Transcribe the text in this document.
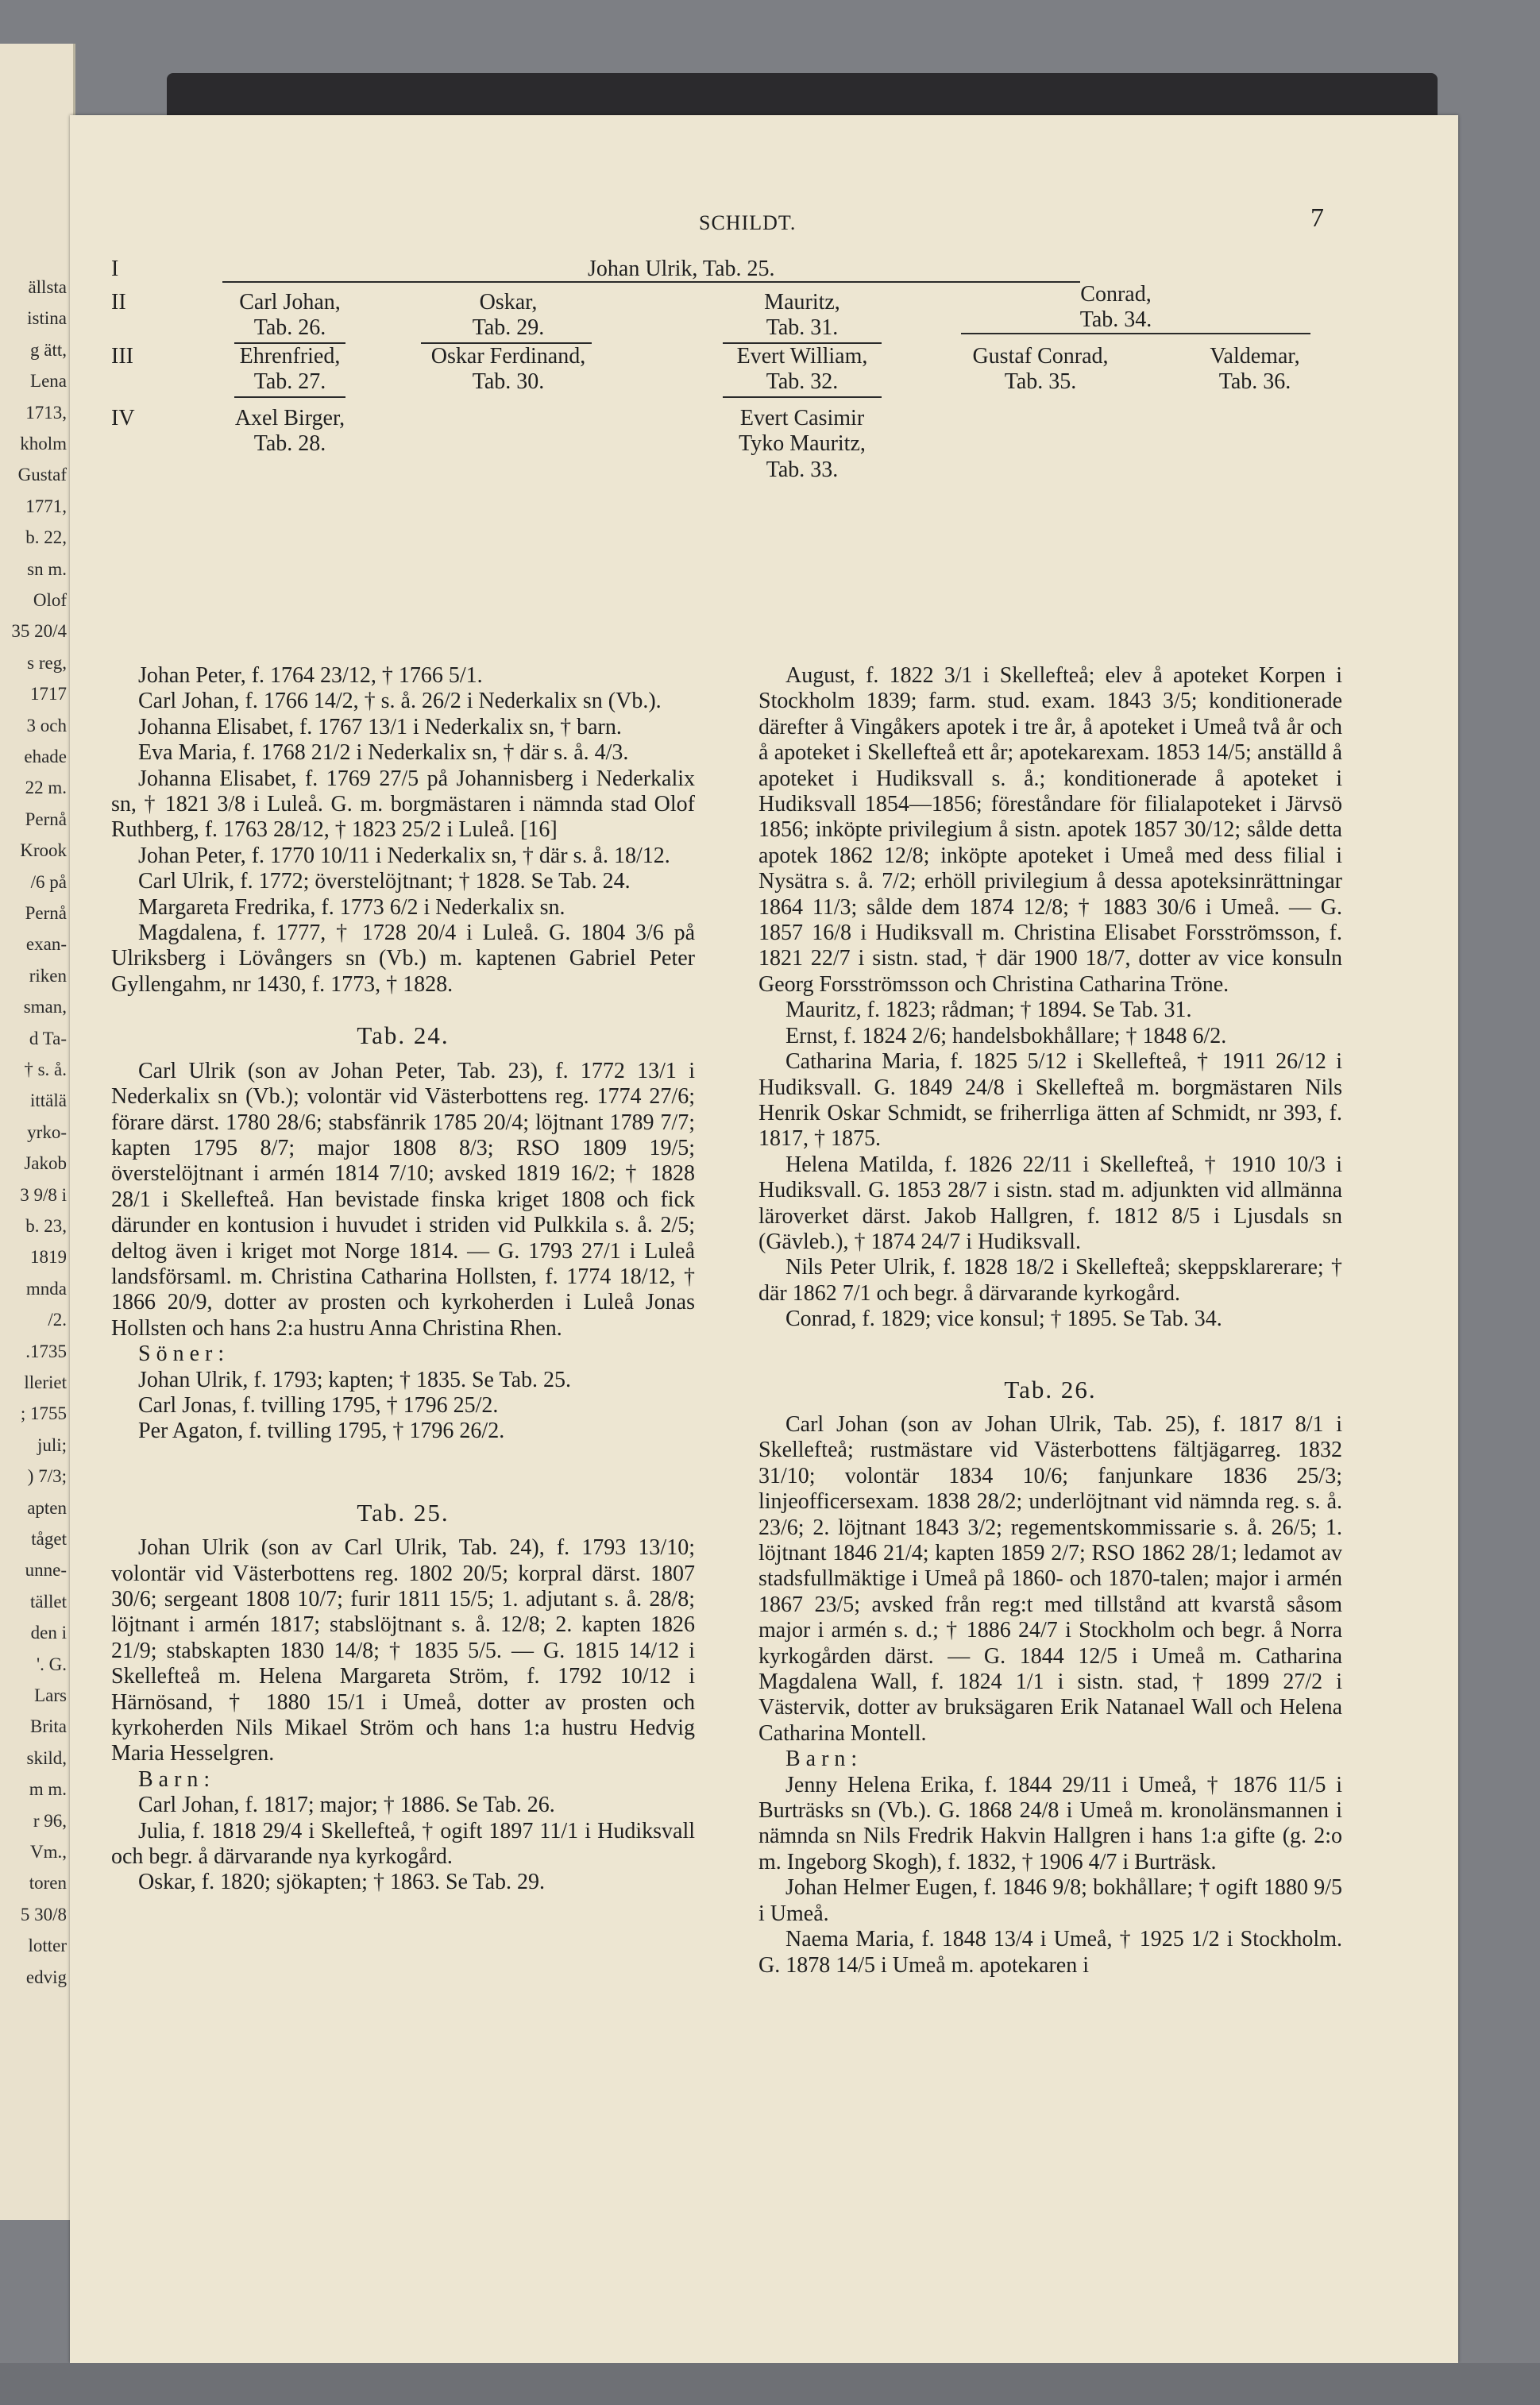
ällsta
istina
g ätt,
Lena
1713,
kholm
Gustaf
1771,
b. 22,
sn m.
Olof
35 20/4
s reg,
1717
3 och
ehade
22 m.
Pernå
Krook
/6 på
Pernå
exan-
riken
sman,
d Ta-
† s. å.
ittälä
yrko-
Jakob
3 9/8 i
b. 23,
1819
mnda
/2.
.1735
lleriet
; 1755
juli;
) 7/3;
apten
tåget
unne-
tället
den i
'. G.
Lars
Brita
skild,
m m.
r 96,
Vm.,
toren
5 30/8
lotter
edvig
SCHILDT.	7
I
II
III
IV
Johan Ulrik, Tab. 25.
Carl Johan,
Tab. 26.
Oskar,
Tab. 29.
Mauritz,
Tab. 31.
Conrad,
Tab. 34.
Ehrenfried,
Tab. 27.
Oskar Ferdinand,
Tab. 30.
Evert William,
Tab. 32.
Gustaf Conrad,
Tab. 35.
Valdemar,
Tab. 36.
Axel Birger,
Tab. 28.
Evert Casimir
Tyko Mauritz,
Tab. 33.

Johan Peter, f. 1764 23/12, † 1766 5/1.

Carl Johan, f. 1766 14/2, † s. å. 26/2 i Nederkalix sn (Vb.).

Johanna Elisabet, f. 1767 13/1 i Nederkalix sn, † barn.

Eva Maria, f. 1768 21/2 i Nederkalix sn, † där s. å. 4/3.

Johanna Elisabet, f. 1769 27/5 på Johannisberg i Nederkalix sn, † 1821 3/8 i Luleå. G. m. borgmästaren i nämnda stad Olof Ruthberg, f. 1763 28/12, † 1823 25/2 i Luleå. [16]

Johan Peter, f. 1770 10/11 i Nederkalix sn, † där s. å. 18/12.

Carl Ulrik, f. 1772; överstelöjtnant; † 1828. Se Tab. 24.

Margareta Fredrika, f. 1773 6/2 i Nederkalix sn.

Magdalena, f. 1777, † 1728 20/4 i Luleå. G. 1804 3/6 på Ulriksberg i Lövångers sn (Vb.) m. kaptenen Gabriel Peter Gyllengahm, nr 1430, f. 1773, † 1828.

Tab. 24.

Carl Ulrik (son av Johan Peter, Tab. 23), f. 1772 13/1 i Nederkalix sn (Vb.); volontär vid Västerbottens reg. 1774 27/6; förare därst. 1780 28/6; stabsfänrik 1785 20/4; löjtnant 1789 7/7; kapten 1795 8/7; major 1808 8/3; RSO 1809 19/5; överstelöjtnant i armén 1814 7/10; avsked 1819 16/2; † 1828 28/1 i Skellefteå. Han bevistade finska kriget 1808 och fick därunder en kontusion i huvudet i striden vid Pulkkila s. å. 2/5; deltog även i kriget mot Norge 1814. — G. 1793 27/1 i Luleå landsförsaml. m. Christina Catharina Hollsten, f. 1774 18/12, † 1866 20/9, dotter av prosten och kyrkoherden i Luleå Jonas Hollsten och hans 2:a hustru Anna Christina Rhen.

Söner:

Johan Ulrik, f. 1793; kapten; † 1835. Se Tab. 25.

Carl Jonas, f. tvilling 1795, † 1796 25/2.

Per Agaton, f. tvilling 1795, † 1796 26/2.

Tab. 25.

Johan Ulrik (son av Carl Ulrik, Tab. 24), f. 1793 13/10; volontär vid Västerbottens reg. 1802 20/5; korpral därst. 1807 30/6; sergeant 1808 10/7; furir 1811 15/5; 1. adjutant s. å. 28/8; löjtnant i armén 1817; stabslöjtnant s. å. 12/8; 2. kapten 1826 21/9; stabskapten 1830 14/8; † 1835 5/5. — G. 1815 14/12 i Skellefteå m. Helena Margareta Ström, f. 1792 10/12 i Härnösand, † 1880 15/1 i Umeå, dotter av prosten och kyrkoherden Nils Mikael Ström och hans 1:a hustru Hedvig Maria Hesselgren.

Barn:

Carl Johan, f. 1817; major; † 1886. Se Tab. 26.

Julia, f. 1818 29/4 i Skellefteå, † ogift 1897 11/1 i Hudiksvall och begr. å därvarande nya kyrkogård.

Oskar, f. 1820; sjökapten; † 1863. Se Tab. 29.

August, f. 1822 3/1 i Skellefteå; elev å apoteket Korpen i Stockholm 1839; farm. stud. exam. 1843 3/5; konditionerade därefter å Vingåkers apotek i tre år, å apoteket i Umeå två år och å apoteket i Skellefteå ett år; apotekarexam. 1853 14/5; anställd å apoteket i Hudiksvall s. å.; konditionerade å apoteket i Hudiksvall 1854—1856; föreståndare för filialapoteket i Järvsö 1856; inköpte privilegium å sistn. apotek 1857 30/12; sålde detta apotek 1862 12/8; inköpte apoteket i Umeå med dess filial i Nysätra s. å. 7/2; erhöll privilegium å dessa apoteksinrättningar 1864 11/3; sålde dem 1874 12/8; † 1883 30/6 i Umeå. — G. 1857 16/8 i Hudiksvall m. Christina Elisabet Forsströmsson, f. 1821 22/7 i sistn. stad, † där 1900 18/7, dotter av vice konsuln Georg Forsströmsson och Christina Catharina Tröne.

Mauritz, f. 1823; rådman; † 1894. Se Tab. 31.

Ernst, f. 1824 2/6; handelsbokhållare; † 1848 6/2.

Catharina Maria, f. 1825 5/12 i Skellefteå, † 1911 26/12 i Hudiksvall. G. 1849 24/8 i Skellefteå m. borgmästaren Nils Henrik Oskar Schmidt, se friherrliga ätten af Schmidt, nr 393, f. 1817, † 1875.

Helena Matilda, f. 1826 22/11 i Skellefteå, † 1910 10/3 i Hudiksvall. G. 1853 28/7 i sistn. stad m. adjunkten vid allmänna läroverket därst. Jakob Hallgren, f. 1812 8/5 i Ljusdals sn (Gävleb.), † 1874 24/7 i Hudiksvall.

Nils Peter Ulrik, f. 1828 18/2 i Skellefteå; skeppsklarerare; † där 1862 7/1 och begr. å därvarande kyrkogård.

Conrad, f. 1829; vice konsul; † 1895. Se Tab. 34.

Tab. 26.

Carl Johan (son av Johan Ulrik, Tab. 25), f. 1817 8/1 i Skellefteå; rustmästare vid Västerbottens fältjägarreg. 1832 31/10; volontär 1834 10/6; fanjunkare 1836 25/3; linjeofficersexam. 1838 28/2; underlöjtnant vid nämnda reg. s. å. 23/6; 2. löjtnant 1843 3/2; regementskommissarie s. å. 26/5; 1. löjtnant 1846 21/4; kapten 1859 2/7; RSO 1862 28/1; ledamot av stadsfullmäktige i Umeå på 1860- och 1870-talen; major i armén 1867 23/5; avsked från reg:t med tillstånd att kvarstå såsom major i armén s. d.; † 1886 24/7 i Stockholm och begr. å Norra kyrkogården därst. — G. 1844 12/5 i Umeå m. Catharina Magdalena Wall, f. 1824 1/1 i sistn. stad, † 1899 27/2 i Västervik, dotter av bruksägaren Erik Natanael Wall och Helena Catharina Montell.

Barn:

Jenny Helena Erika, f. 1844 29/11 i Umeå, † 1876 11/5 i Burträsks sn (Vb.). G. 1868 24/8 i Umeå m. kronolänsmannen i nämnda sn Nils Fredrik Hakvin Hallgren i hans 1:a gifte (g. 2:o m. Ingeborg Skogh), f. 1832, † 1906 4/7 i Burträsk.

Johan Helmer Eugen, f. 1846 9/8; bokhållare; † ogift 1880 9/5 i Umeå.

Naema Maria, f. 1848 13/4 i Umeå, † 1925 1/2 i Stockholm. G. 1878 14/5 i Umeå m. apotekaren i
